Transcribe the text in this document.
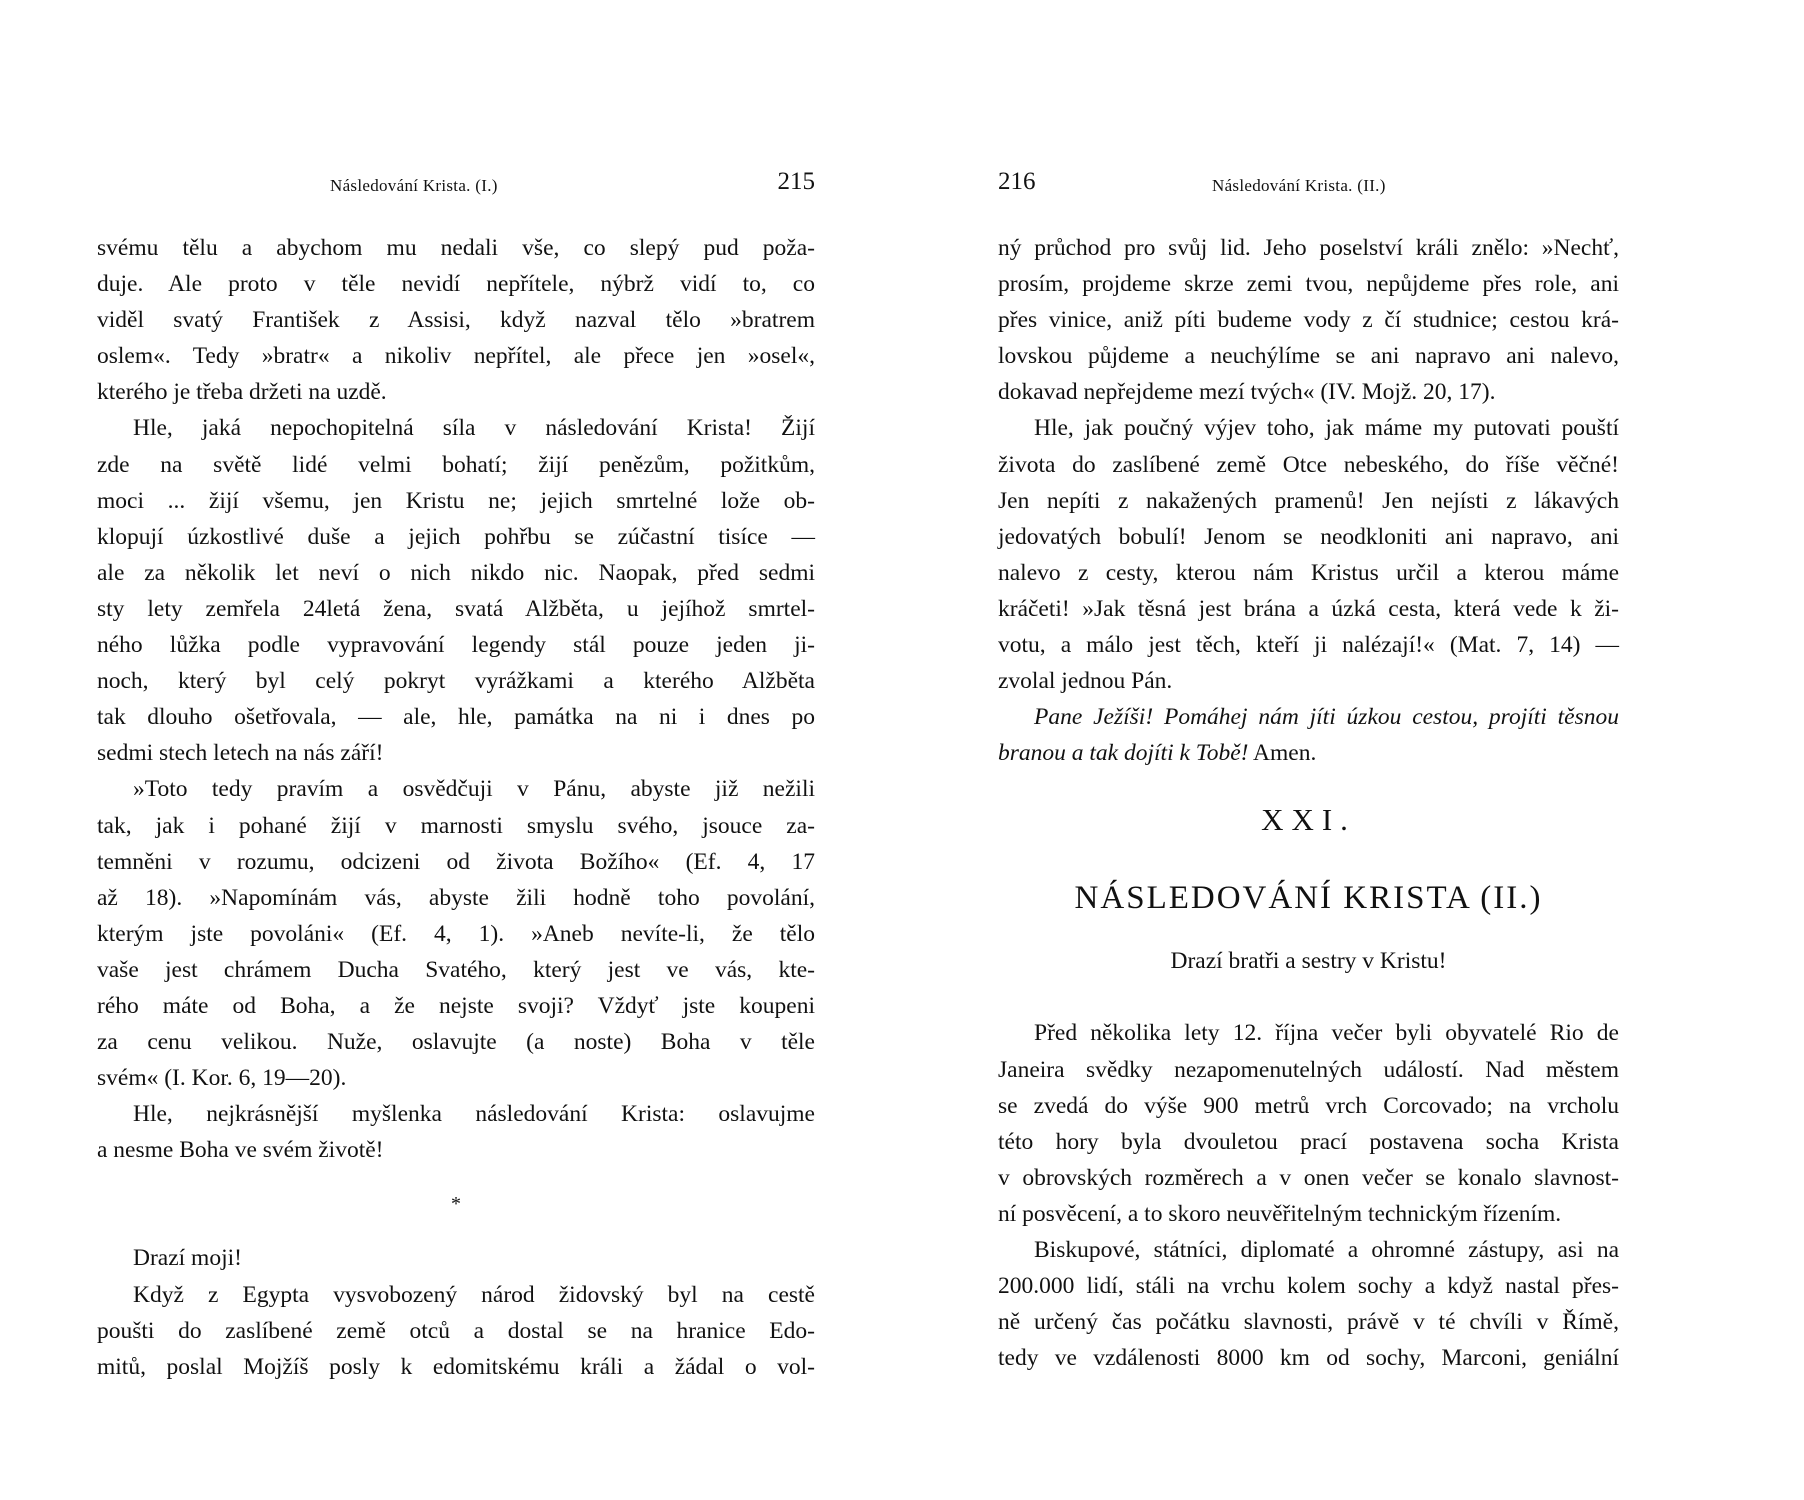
Následování Krista. (I.)	215
svému tělu a abychom mu nedali vše, co slepý pud poža-
duje. Ale proto v těle nevidí nepřítele, nýbrž vidí to, co
viděl svatý František z Assisi, když nazval tělo »bratrem
oslem«. Tedy »bratr« a nikoliv nepřítel, ale přece jen »osel«,
kterého je třeba držeti na uzdě.
Hle, jaká nepochopitelná síla v následování Krista! Žijí
zde na světě lidé velmi bohatí; žijí penězům, požitkům,
moci ... žijí všemu, jen Kristu ne; jejich smrtelné lože ob-
klopují úzkostlivé duše a jejich pohřbu se zúčastní tisíce —
ale za několik let neví o nich nikdo nic. Naopak, před sedmi
sty lety zemřela 24letá žena, svatá Alžběta, u jejíhož smrtel-
ného lůžka podle vypravování legendy stál pouze jeden ji-
noch, který byl celý pokryt vyrážkami a kterého Alžběta
tak dlouho ošetřovala, — ale, hle, památka na ni i dnes po
sedmi stech letech na nás září!
»Toto tedy pravím a osvědčuji v Pánu, abyste již nežili
tak, jak i pohané žijí v marnosti smyslu svého, jsouce za-
temněni v rozumu, odcizeni od života Božího« (Ef. 4, 17
až 18). »Napomínám vás, abyste žili hodně toho povolání,
kterým jste povoláni« (Ef. 4, 1). »Aneb nevíte-li, že tělo
vaše jest chrámem Ducha Svatého, který jest ve vás, kte-
rého máte od Boha, a že nejste svoji? Vždyť jste koupeni
za cenu velikou. Nuže, oslavujte (a noste) Boha v těle
svém« (I. Kor. 6, 19—20).
Hle, nejkrásnější myšlenka následování Krista: oslavujme
a nesme Boha ve svém životě!
*
Drazí moji!
Když z Egypta vysvobozený národ židovský byl na cestě
poušti do zaslíbené země otců a dostal se na hranice Edo-
mitů, poslal Mojžíš posly k edomitskému králi a žádal o vol-
216	Následování Krista. (II.)
ný průchod pro svůj lid. Jeho poselství králi znělo: »Nechť,
prosím, projdeme skrze zemi tvou, nepůjdeme přes role, ani
přes vinice, aniž píti budeme vody z čí studnice; cestou krá-
lovskou půjdeme a neuchýlíme se ani napravo ani nalevo,
dokavad nepřejdeme mezí tvých« (IV. Mojž. 20, 17).
Hle, jak poučný výjev toho, jak máme my putovati pouští
života do zaslíbené země Otce nebeského, do říše věčné!
Jen nepíti z nakažených pramenů! Jen nejísti z lákavých
jedovatých bobulí! Jenom se neodkloniti ani napravo, ani
nalevo z cesty, kterou nám Kristus určil a kterou máme
kráčeti! »Jak těsná jest brána a úzká cesta, která vede k ži-
votu, a málo jest těch, kteří ji nalézají!« (Mat. 7, 14) —
zvolal jednou Pán.
Pane Ježíši! Pomáhej nám jíti úzkou cestou, projíti těsnou
branou a tak dojíti k Tobě! Amen.
XXI.
NÁSLEDOVÁNÍ KRISTA (II.)
Drazí bratři a sestry v Kristu!
Před několika lety 12. října večer byli obyvatelé Rio de
Janeira svědky nezapomenutelných událostí. Nad městem
se zvedá do výše 900 metrů vrch Corcovado; na vrcholu
této hory byla dvouletou prací postavena socha Krista
v obrovských rozměrech a v onen večer se konalo slavnost-
ní posvěcení, a to skoro neuvěřitelným technickým řízením.
Biskupové, státníci, diplomaté a ohromné zástupy, asi na
200.000 lidí, stáli na vrchu kolem sochy a když nastal přes-
ně určený čas počátku slavnosti, právě v té chvíli v Římě,
tedy ve vzdálenosti 8000 km od sochy, Marconi, geniální
